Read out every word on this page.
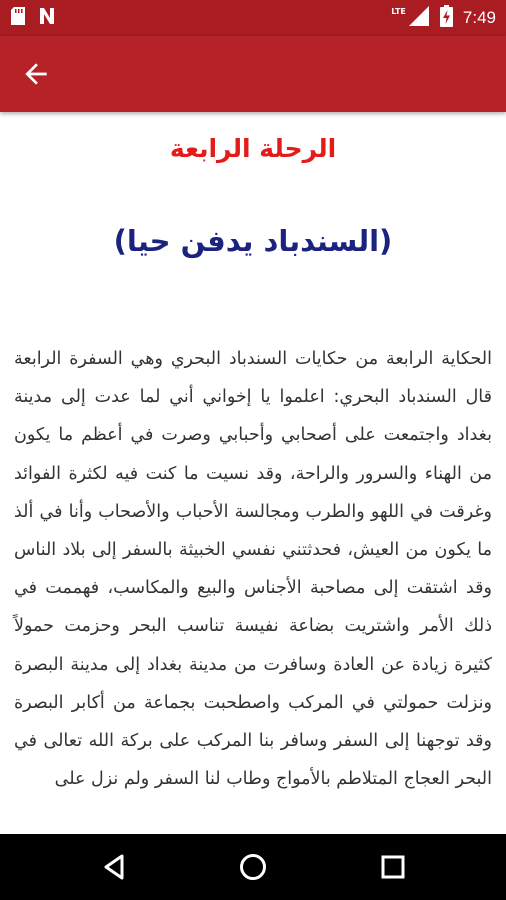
LTE	7:49
الرحلة الرابعة
(السندباد يدفن حيا)
الحكاية الرابعة من حكايات السندباد البحري وهي السفرة الرابعة قال السندباد البحري: اعلموا يا إخواني أني لما عدت إلى مدينة بغداد واجتمعت على أصحابي وأحبابي وصرت في أعظم ما يكون من الهناء والسرور والراحة، وقد نسيت ما كنت فيه لكثرة الفوائد وغرقت في اللهو والطرب ومجالسة الأحباب والأصحاب وأنا في ألذ ما يكون من العيش، فحدثتني نفسي الخبيثة بالسفر إلى بلاد الناس وقد اشتقت إلى مصاحبة الأجناس والبيع والمكاسب، فهممت في ذلك الأمر واشتريت بضاعة نفيسة تناسب البحر وحزمت حمولاً كثيرة زيادة عن العادة وسافرت من مدينة بغداد إلى مدينة البصرة ونزلت حمولتي في المركب واصطحبت بجماعة من أكابر البصرة وقد توجهنا إلى السفر وسافر بنا المركب على بركة الله تعالى في البحر العجاج المتلاطم بالأمواج وطاب لنا السفر ولم نزل على
